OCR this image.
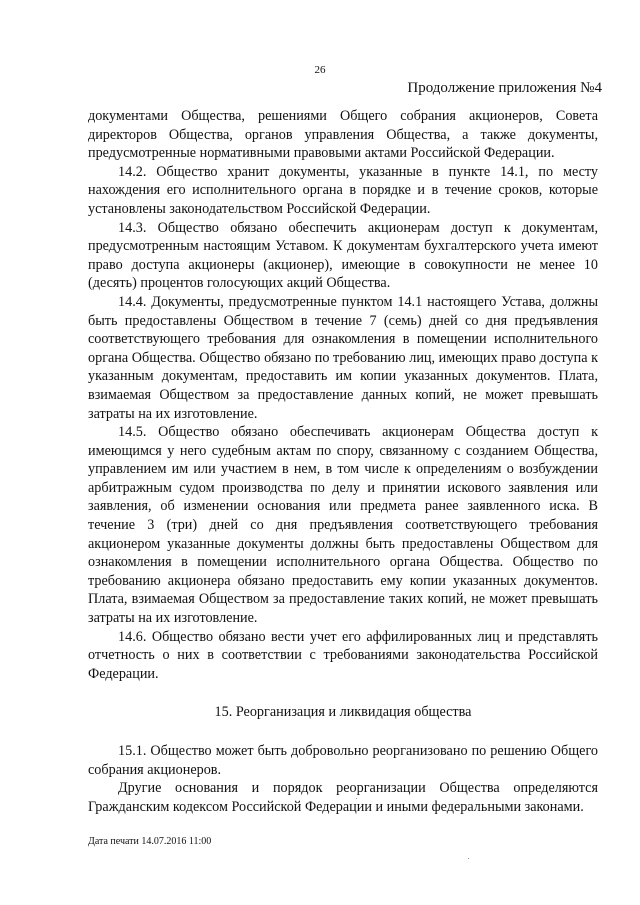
26
Продолжение приложения №4

документами Общества, решениями Общего собрания акционеров, Совета директоров Общества, органов управления Общества, а также документы, предусмотренные нормативными правовыми актами Российской Федерации.

14.2. Общество хранит документы, указанные в пункте 14.1, по месту нахождения его исполнительного органа в порядке и в течение сроков, которые установлены законодательством Российской Федерации.

14.3. Общество обязано обеспечить акционерам доступ к документам, предусмотренным настоящим Уставом. К документам бухгалтерского учета имеют право доступа акционеры (акционер), имеющие в совокупности не менее 10 (десять) процентов голосующих акций Общества.

14.4. Документы, предусмотренные пунктом 14.1 настоящего Устава, должны быть предоставлены Обществом в течение 7 (семь) дней со дня предъявления соответствующего требования для ознакомления в помещении исполнительного органа Общества. Общество обязано по требованию лиц, имеющих право доступа к указанным документам, предоставить им копии указанных документов. Плата, взимаемая Обществом за предоставление данных копий, не может превышать затраты на их изготовление.

14.5. Общество обязано обеспечивать акционерам Общества доступ к имеющимся у него судебным актам по спору, связанному с созданием Общества, управлением им или участием в нем, в том числе к определениям о возбуждении арбитражным судом производства по делу и принятии искового заявления или заявления, об изменении основания или предмета ранее заявленного иска. В течение 3 (три) дней со дня предъявления соответствующего требования акционером указанные документы должны быть предоставлены Обществом для ознакомления в помещении исполнительного органа Общества. Общество по требованию акционера обязано предоставить ему копии указанных документов. Плата, взимаемая Обществом за предоставление таких копий, не может превышать затраты на их изготовление.

14.6. Общество обязано вести учет его аффилированных лиц и представлять отчетность о них в соответствии с требованиями законодательства Российской Федерации.

15. Реорганизация и ликвидация общества

15.1. Общество может быть добровольно реорганизовано по решению Общего собрания акционеров.

Другие основания и порядок реорганизации Общества определяются Гражданским кодексом Российской Федерации и иными федеральными законами.

Дата печати 14.07.2016 11:00
